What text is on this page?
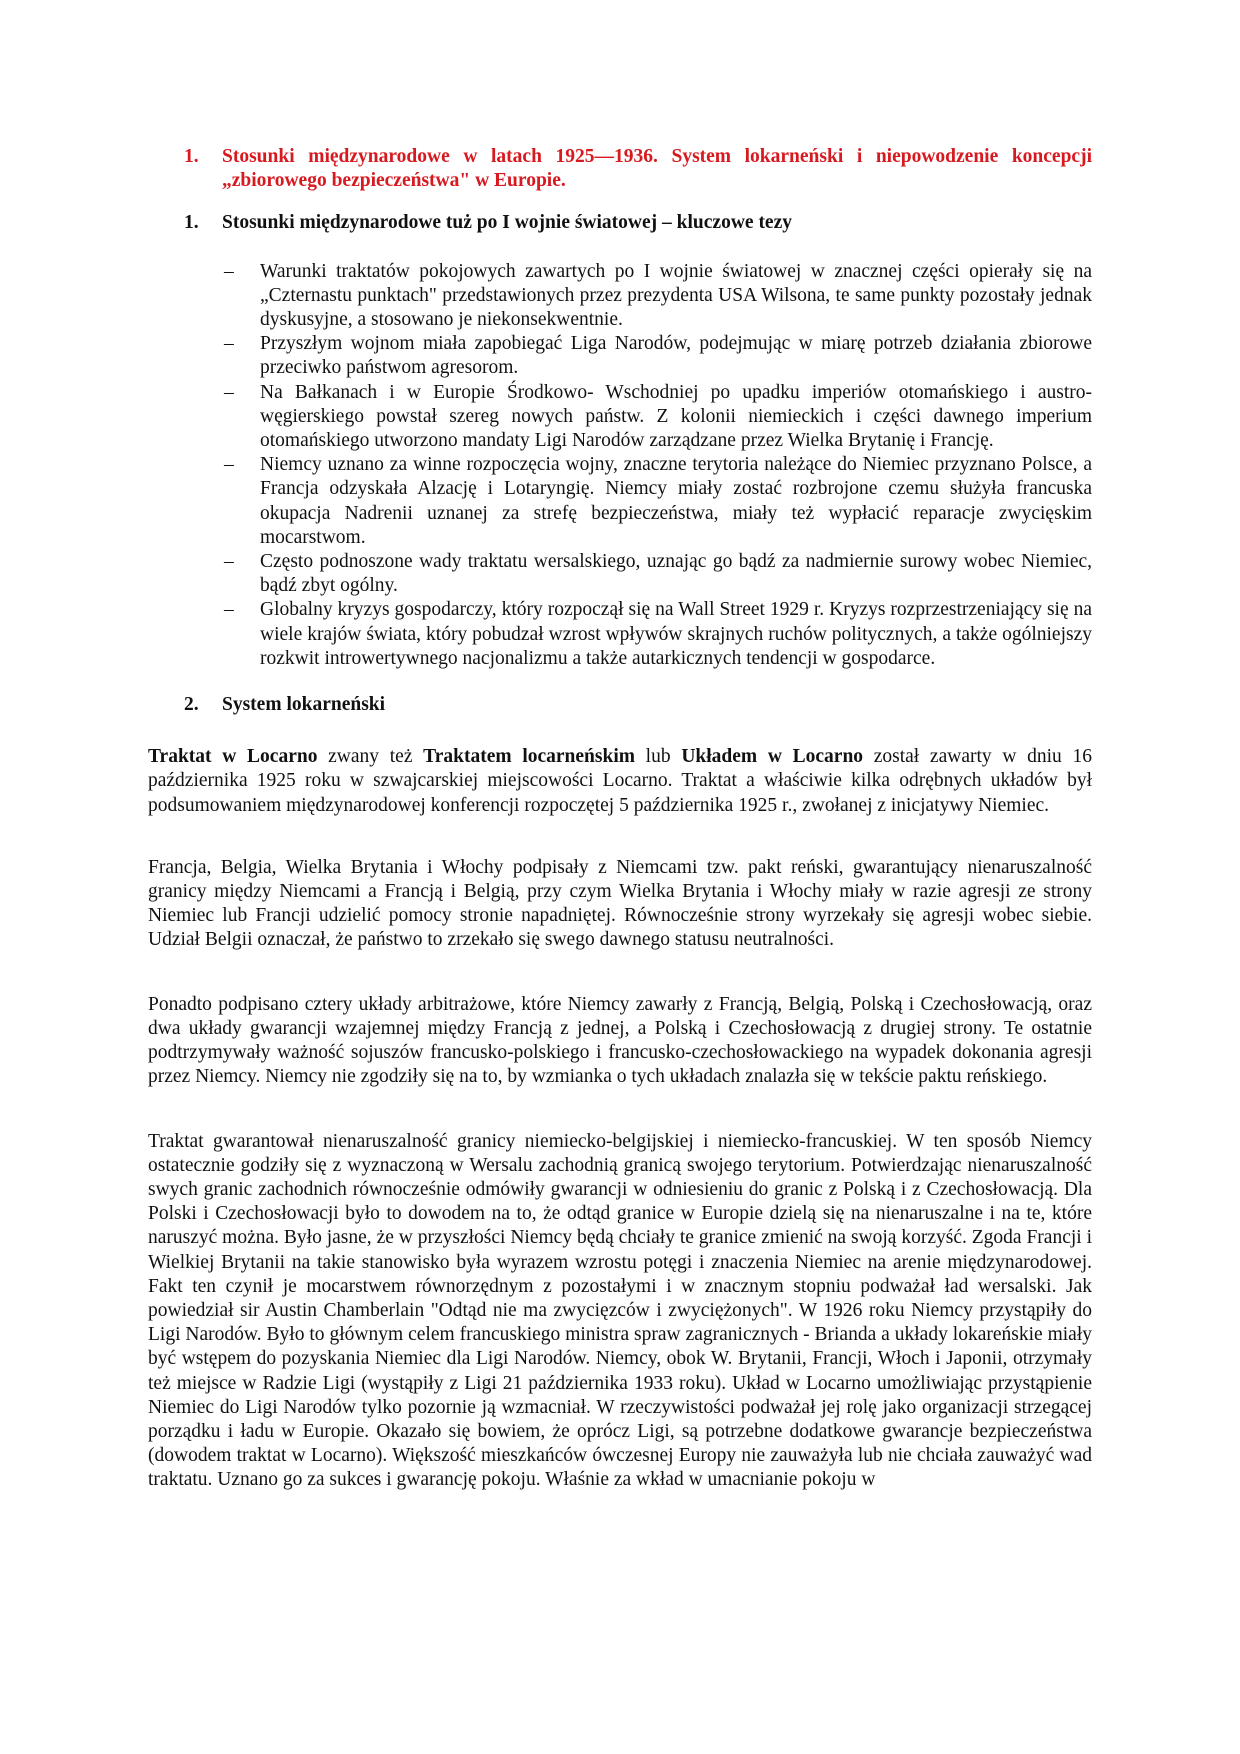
1.	Stosunki międzynarodowe w latach 1925—1936. System lokarneński i niepowodzenie koncepcji „zbiorowego bezpieczeństwa" w Europie.
1.	Stosunki międzynarodowe tuż po I wojnie światowej – kluczowe tezy
–	Warunki traktatów pokojowych zawartych po I wojnie światowej w znacznej części opierały się na „Czternastu punktach" przedstawionych przez prezydenta USA Wilsona, te same punkty pozostały jednak dyskusyjne, a stosowano je niekonsekwentnie.
–	Przyszłym wojnom miała zapobiegać Liga Narodów, podejmując w miarę potrzeb działania zbiorowe przeciwko państwom agresorom.
–	Na Bałkanach i w Europie Środkowo- Wschodniej po upadku imperiów otomańskiego i austro-węgierskiego powstał szereg nowych państw. Z kolonii niemieckich i części dawnego imperium otomańskiego utworzono mandaty Ligi Narodów zarządzane przez Wielka Brytanię i Francję.
–	Niemcy uznano za winne rozpoczęcia wojny, znaczne terytoria należące do Niemiec przyznano Polsce, a Francja odzyskała Alzację i Lotaryngię. Niemcy miały zostać rozbrojone czemu służyła francuska okupacja Nadrenii uznanej za strefę bezpieczeństwa, miały też wypłacić reparacje zwycięskim mocarstwom.
–	Często podnoszone wady traktatu wersalskiego, uznając go bądź za nadmiernie surowy wobec Niemiec, bądź zbyt ogólny.
–	Globalny kryzys gospodarczy, który rozpoczął się na Wall Street 1929 r. Kryzys rozprzestrzeniający się na wiele krajów świata, który pobudzał wzrost wpływów skrajnych ruchów politycznych, a także ogólniejszy rozkwit introwertywnego nacjonalizmu a także autarkicznych tendencji w gospodarce.
2.	System lokarneński

Traktat w Locarno zwany też Traktatem locarneńskim lub Układem w Locarno został zawarty w dniu 16 października 1925 roku w szwajcarskiej miejscowości Locarno. Traktat a właściwie kilka odrębnych układów był podsumowaniem międzynarodowej konferencji rozpoczętej 5 października 1925 r., zwołanej z inicjatywy Niemiec.

Francja, Belgia, Wielka Brytania i Włochy podpisały z Niemcami tzw. pakt reński, gwarantujący nienaruszalność granicy między Niemcami a Francją i Belgią, przy czym Wielka Brytania i Włochy miały w razie agresji ze strony Niemiec lub Francji udzielić pomocy stronie napadniętej. Równocześnie strony wyrzekały się agresji wobec siebie. Udział Belgii oznaczał, że państwo to zrzekało się swego dawnego statusu neutralności.

Ponadto podpisano cztery układy arbitrażowe, które Niemcy zawarły z Francją, Belgią, Polską i Czechosłowacją, oraz dwa układy gwarancji wzajemnej między Francją z jednej, a Polską i Czechosłowacją z drugiej strony. Te ostatnie podtrzymywały ważność sojuszów francusko-polskiego i francusko-czechosłowackiego na wypadek dokonania agresji przez Niemcy. Niemcy nie zgodziły się na to, by wzmianka o tych układach znalazła się w tekście paktu reńskiego.

Traktat gwarantował nienaruszalność granicy niemiecko-belgijskiej i niemiecko-francuskiej. W ten sposób Niemcy ostatecznie godziły się z wyznaczoną w Wersalu zachodnią granicą swojego terytorium. Potwierdzając nienaruszalność swych granic zachodnich równocześnie odmówiły gwarancji w odniesieniu do granic z Polską i z Czechosłowacją. Dla Polski i Czechosłowacji było to dowodem na to, że odtąd granice w Europie dzielą się na nienaruszalne i na te, które naruszyć można. Było jasne, że w przyszłości Niemcy będą chciały te granice zmienić na swoją korzyść. Zgoda Francji i Wielkiej Brytanii na takie stanowisko była wyrazem wzrostu potęgi i znaczenia Niemiec na arenie międzynarodowej. Fakt ten czynił je mocarstwem równorzędnym z pozostałymi i w znacznym stopniu podważał ład wersalski. Jak powiedział sir Austin Chamberlain "Odtąd nie ma zwycięzców i zwyciężonych". W 1926 roku Niemcy przystąpiły do Ligi Narodów. Było to głównym celem francuskiego ministra spraw zagranicznych - Brianda a układy lokareńskie miały być wstępem do pozyskania Niemiec dla Ligi Narodów. Niemcy, obok W. Brytanii, Francji, Włoch i Japonii, otrzymały też miejsce w Radzie Ligi (wystąpiły z Ligi 21 października 1933 roku). Układ w Locarno umożliwiając przystąpienie Niemiec do Ligi Narodów tylko pozornie ją wzmacniał. W rzeczywistości podważał jej rolę jako organizacji strzegącej porządku i ładu w Europie. Okazało się bowiem, że oprócz Ligi, są potrzebne dodatkowe gwarancje bezpieczeństwa (dowodem traktat w Locarno). Większość mieszkańców ówczesnej Europy nie zauważyła lub nie chciała zauważyć wad traktatu. Uznano go za sukces i gwarancję pokoju. Właśnie za wkład w umacnianie pokoju w
